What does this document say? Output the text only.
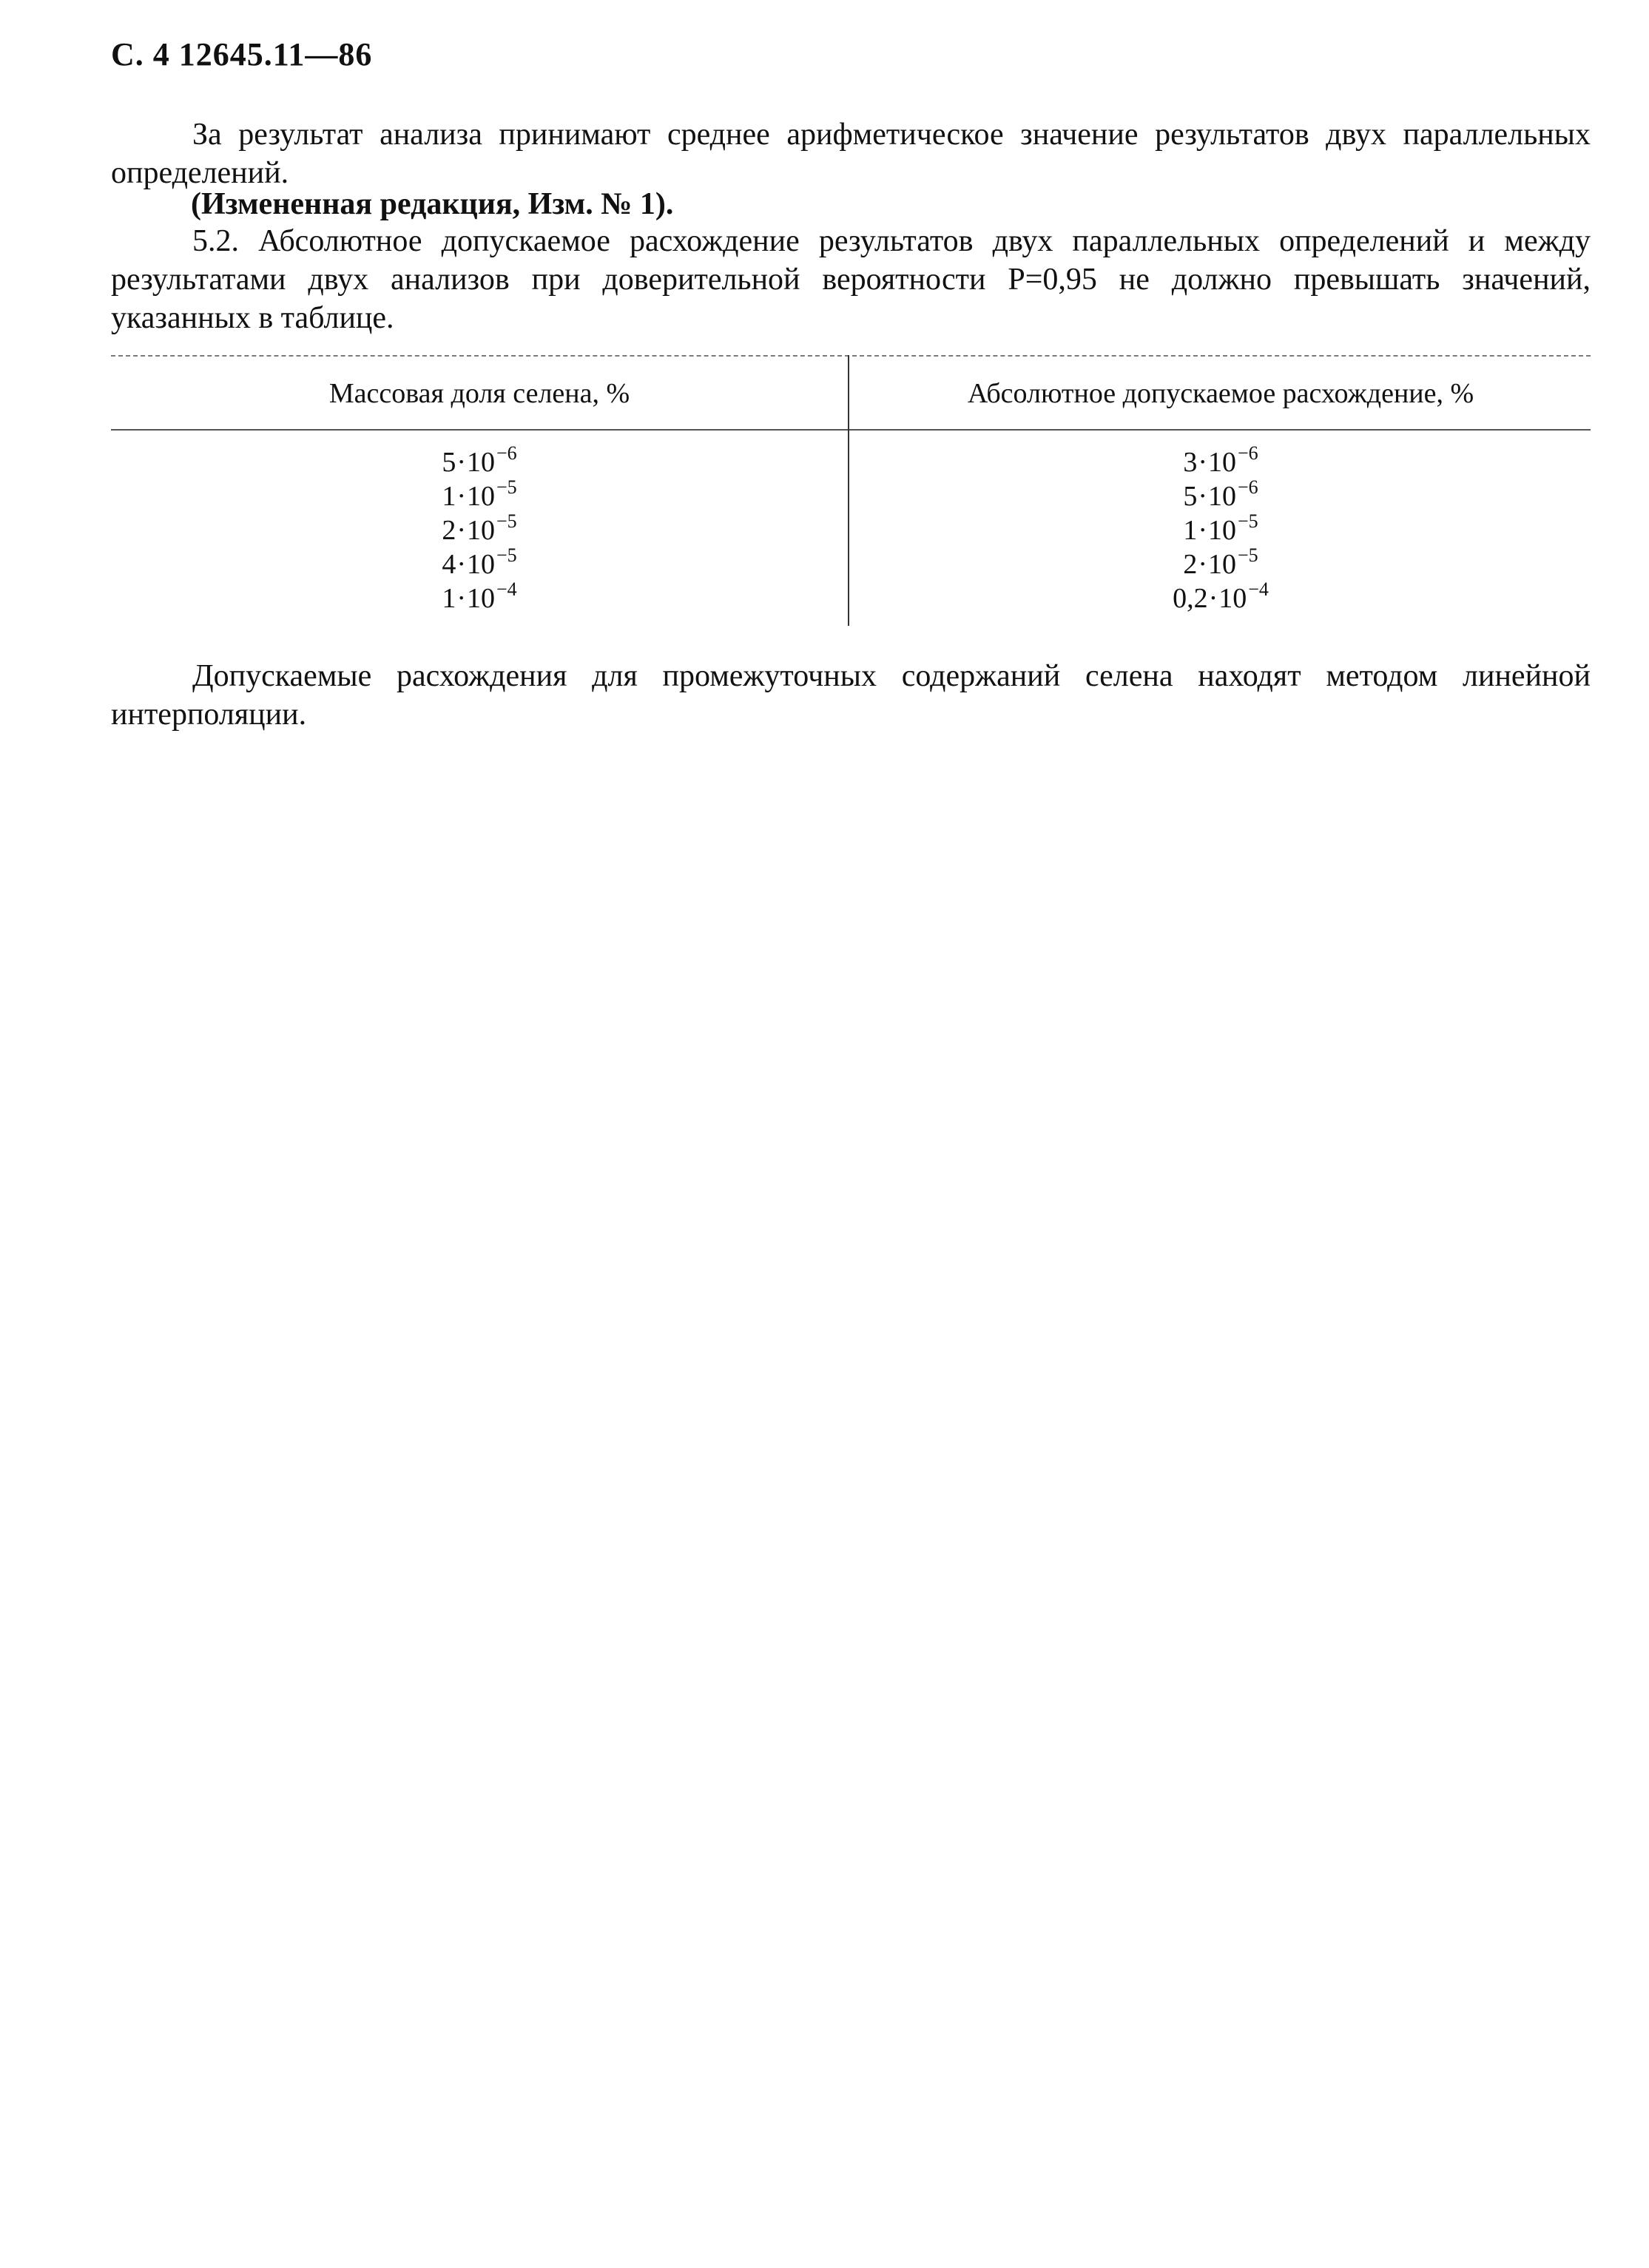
С. 4 12645.11—86

За результат анализа принимают среднее арифметическое значение результатов двух параллельных определений.

(Измененная редакция, Изм. № 1).

5.2. Абсолютное допускаемое расхождение результатов двух параллельных определений и между результатами двух анализов при доверительной вероятности P=0,95 не должно превышать значений, указанных в таблице.

Массовая доля селена, %	Абсолютное допускаемое расхождение, %
$5\cdot 10^{-6}$
$1\cdot 10^{-5}$
$2\cdot 10^{-5}$
$4\cdot 10^{-5}$
$1\cdot 10^{-4}$
$3\cdot 10^{-6}$
$5\cdot 10^{-6}$
$1\cdot 10^{-5}$
$2\cdot 10^{-5}$
$0,2\cdot 10^{-4}$

Допускаемые расхождения для промежуточных содержаний селена находят методом линейной интерполяции.
